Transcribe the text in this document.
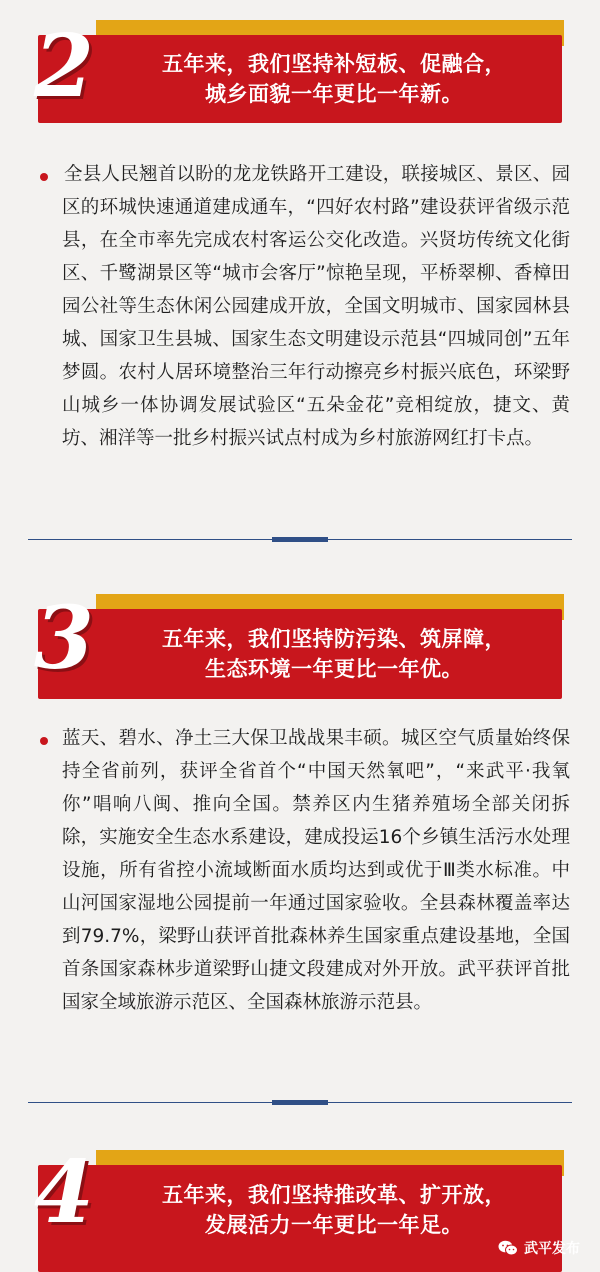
五年来，我们坚持补短板、促融合，
城乡面貌一年更比一年新。
2
全县人民翘首以盼的龙龙铁路开工建设，联接城区、景区、园区的环城快速通道建成通车，“四好农村路”建设获评省级示范县，在全市率先完成农村客运公交化改造。兴贤坊传统文化街区、千鹭湖景区等“城市会客厅”惊艳呈现，平桥翠柳、香樟田园公社等生态休闲公园建成开放，全国文明城市、国家园林县城、国家卫生县城、国家生态文明建设示范县“四城同创”五年梦圆。农村人居环境整治三年行动擦亮乡村振兴底色，环梁野山城乡一体协调发展试验区“五朵金花”竞相绽放，捷文、黄坊、湘洋等一批乡村振兴试点村成为乡村旅游网红打卡点。
五年来，我们坚持防污染、筑屏障，
生态环境一年更比一年优。
3
蓝天、碧水、净土三大保卫战战果丰硕。城区空气质量始终保持全省前列，获评全省首个“中国天然氧吧”，“来武平·我氧你”唱响八闽、推向全国。禁养区内生猪养殖场全部关闭拆除，实施安全生态水系建设，建成投运16个乡镇生活污水处理设施，所有省控小流域断面水质均达到或优于Ⅲ类水标准。中山河国家湿地公园提前一年通过国家验收。全县森林覆盖率达到79.7%，梁野山获评首批森林养生国家重点建设基地，全国首条国家森林步道梁野山捷文段建成对外开放。武平获评首批国家全域旅游示范区、全国森林旅游示范县。
五年来，我们坚持推改革、扩开放，
发展活力一年更比一年足。
4
武平发布
